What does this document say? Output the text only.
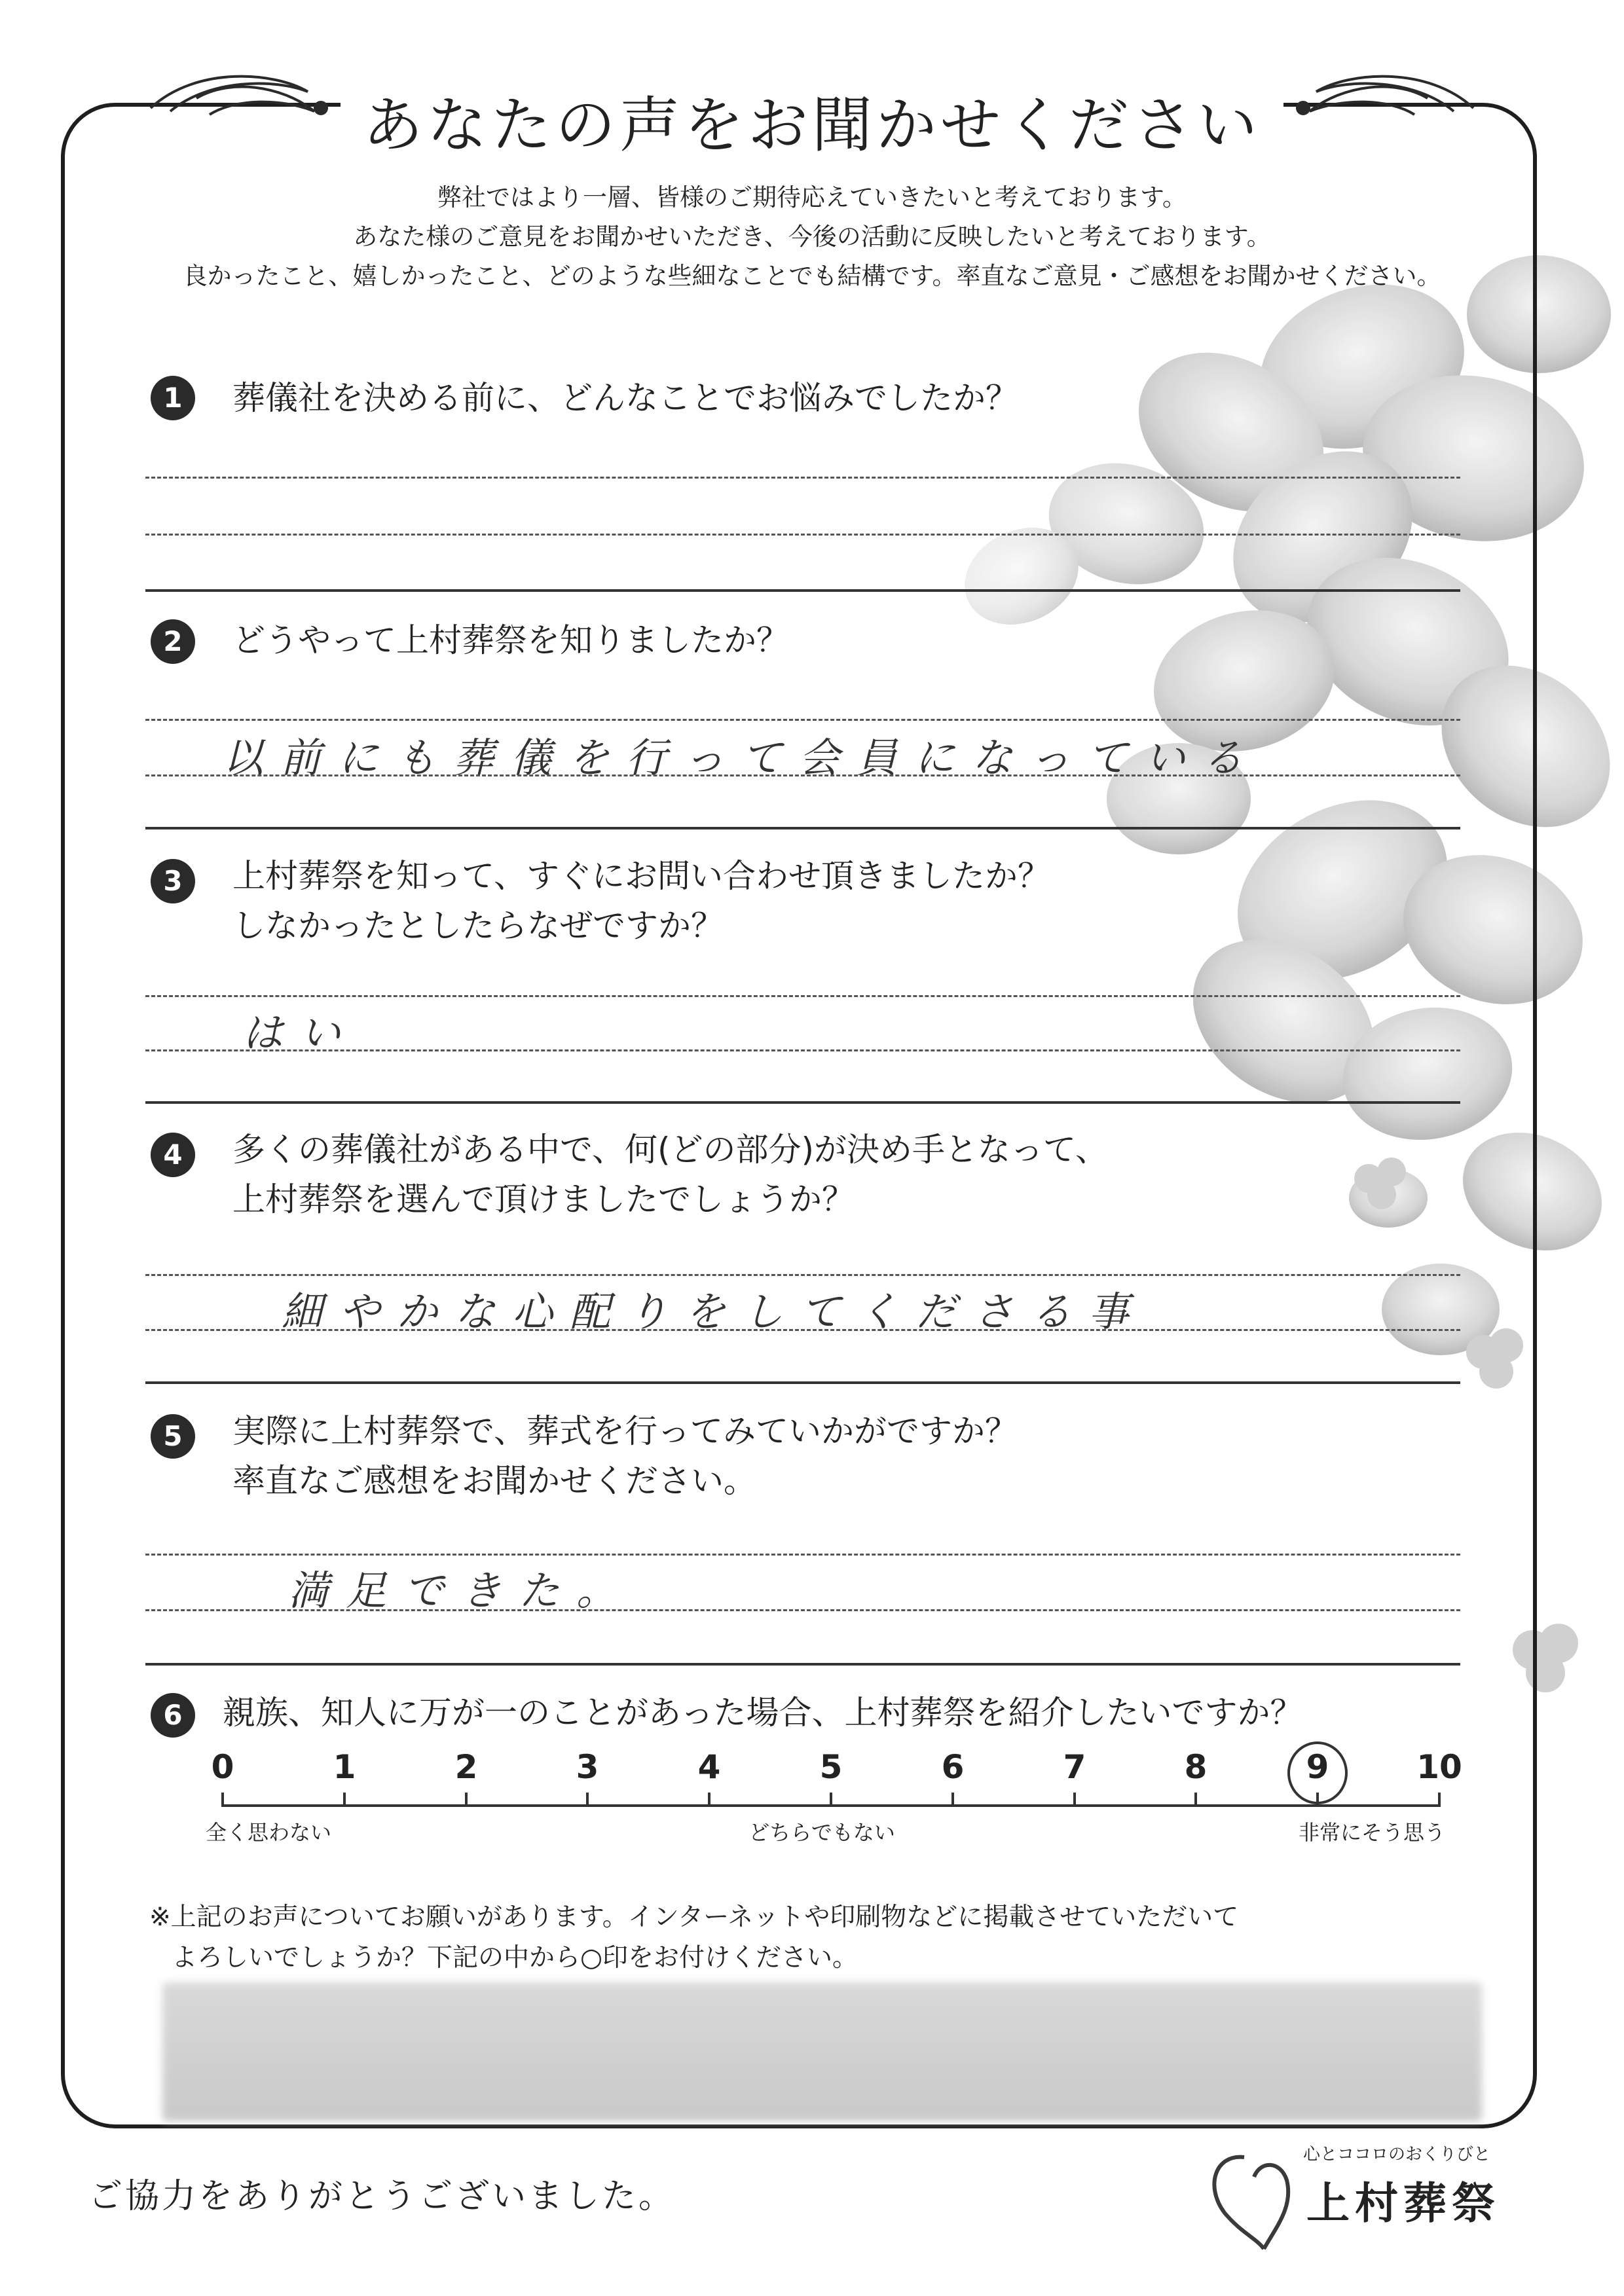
あなたの声をお聞かせください
弊社ではより一層、皆様のご期待応えていきたいと考えております。
あなた様のご意見をお聞かせいただき、今後の活動に反映したいと考えております。
良かったこと、嬉しかったこと、どのような些細なことでも結構です。率直なご意見・ご感想をお聞かせください。
1	葬儀社を決める前に、どんなことでお悩みでしたか？
2	どうやって上村葬祭を知りましたか？
以前にも葬儀を行って会員になっている
3	上村葬祭を知って、すぐにお問い合わせ頂きましたか？
しなかったとしたらなぜですか？
はい
4	多くの葬儀社がある中で、何(どの部分)が決め手となって、
上村葬祭を選んで頂けましたでしょうか？
細やかな心配りをしてくださる事
5	実際に上村葬祭で、葬式を行ってみていかがですか？
率直なご感想をお聞かせください。
満足できた。
6	親族、知人に万が一のことがあった場合、上村葬祭を紹介したいですか？
0	1	2	3	4	5	6	7	8	9	10
全く思わない	どちらでもない	非常にそう思う
※上記のお声についてお願いがあります。インターネットや印刷物などに掲載させていただいて
よろしいでしょうか？下記の中から○印をお付けください。
ご協力をありがとうございました。
心とココロのおくりびと
上村葬祭
